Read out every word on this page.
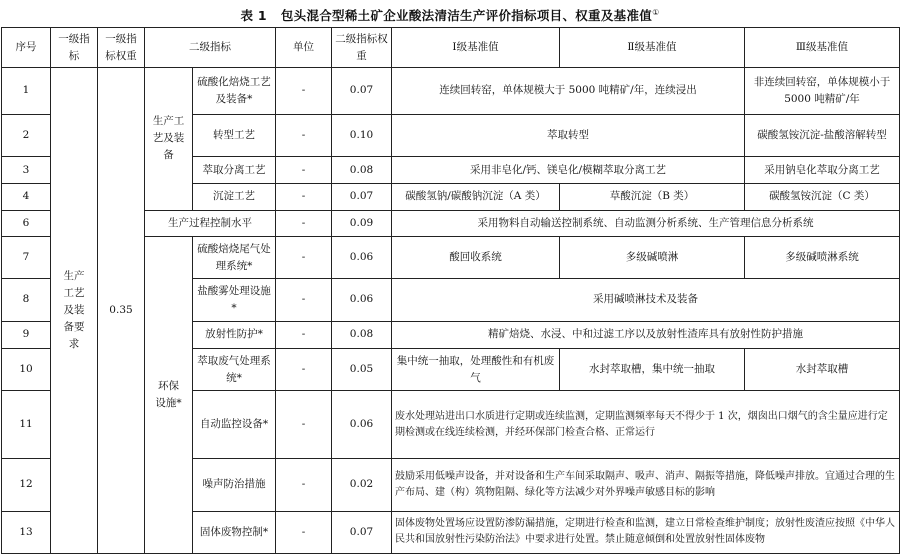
表 1 包头混合型稀土矿企业酸法清洁生产评价指标项目、权重及基准值①
序号	一级指标	一级指标权重	二级指标		单位	二级指标权重	Ⅰ级基准值	Ⅱ级基准值	Ⅲ级基准值
1	生产工艺及装备要求	0.35	生产工艺及装备	硫酸化焙烧工艺及装备*	-	0.07	连续回转窑，单体规模大于 5000 吨精矿/年，连续浸出		非连续回转窑，单体规模小于 5000 吨精矿/年
2				转型工艺	-	0.10	萃取转型		碳酸氢铵沉淀-盐酸溶解转型
3				萃取分离工艺	-	0.08	采用非皂化/钙、镁皂化/模糊萃取分离工艺		采用钠皂化萃取分离工艺
4				沉淀工艺	-	0.07	碳酸氢钠/碳酸钠沉淀（A 类）	草酸沉淀（B 类）	碳酸氢铵沉淀（C 类）
6			生产过程控制水平		-	0.09	采用物料自动输送控制系统、自动监测分析系统、生产管理信息分析系统		
7			环保设施*	硫酸焙烧尾气处理系统*	-	0.06	酸回收系统	多级碱喷淋	多级碱喷淋系统
8				盐酸雾处理设施*	-	0.06	采用碱喷淋技术及装备		
9				放射性防护*	-	0.08	精矿焙烧、水浸、中和过滤工序以及放射性渣库具有放射性防护措施		
10				萃取废气处理系统*	-	0.05	集中统一抽取，处理酸性和有机废气	水封萃取槽，集中统一抽取	水封萃取槽
11				自动监控设备*	-	0.06	废水处理站进出口水质进行定期或连续监测，定期监测频率每天不得少于 1 次，烟囱出口烟气的含尘量应进行定期检测或在线连续检测，并经环保部门检查合格、正常运行		
12				噪声防治措施	-	0.02	鼓励采用低噪声设备，并对设备和生产车间采取隔声、吸声、消声、隔振等措施，降低噪声排放。宜通过合理的生产布局、建（构）筑物阻隔、绿化等方法减少对外界噪声敏感目标的影响		
13				固体废物控制*	-	0.07	固体废物处置场应设置防渗防漏措施，定期进行检查和监测，建立日常检查维护制度；放射性废渣应按照《中华人民共和国放射性污染防治法》中要求进行处置。禁止随意倾倒和处置放射性固体废物		
